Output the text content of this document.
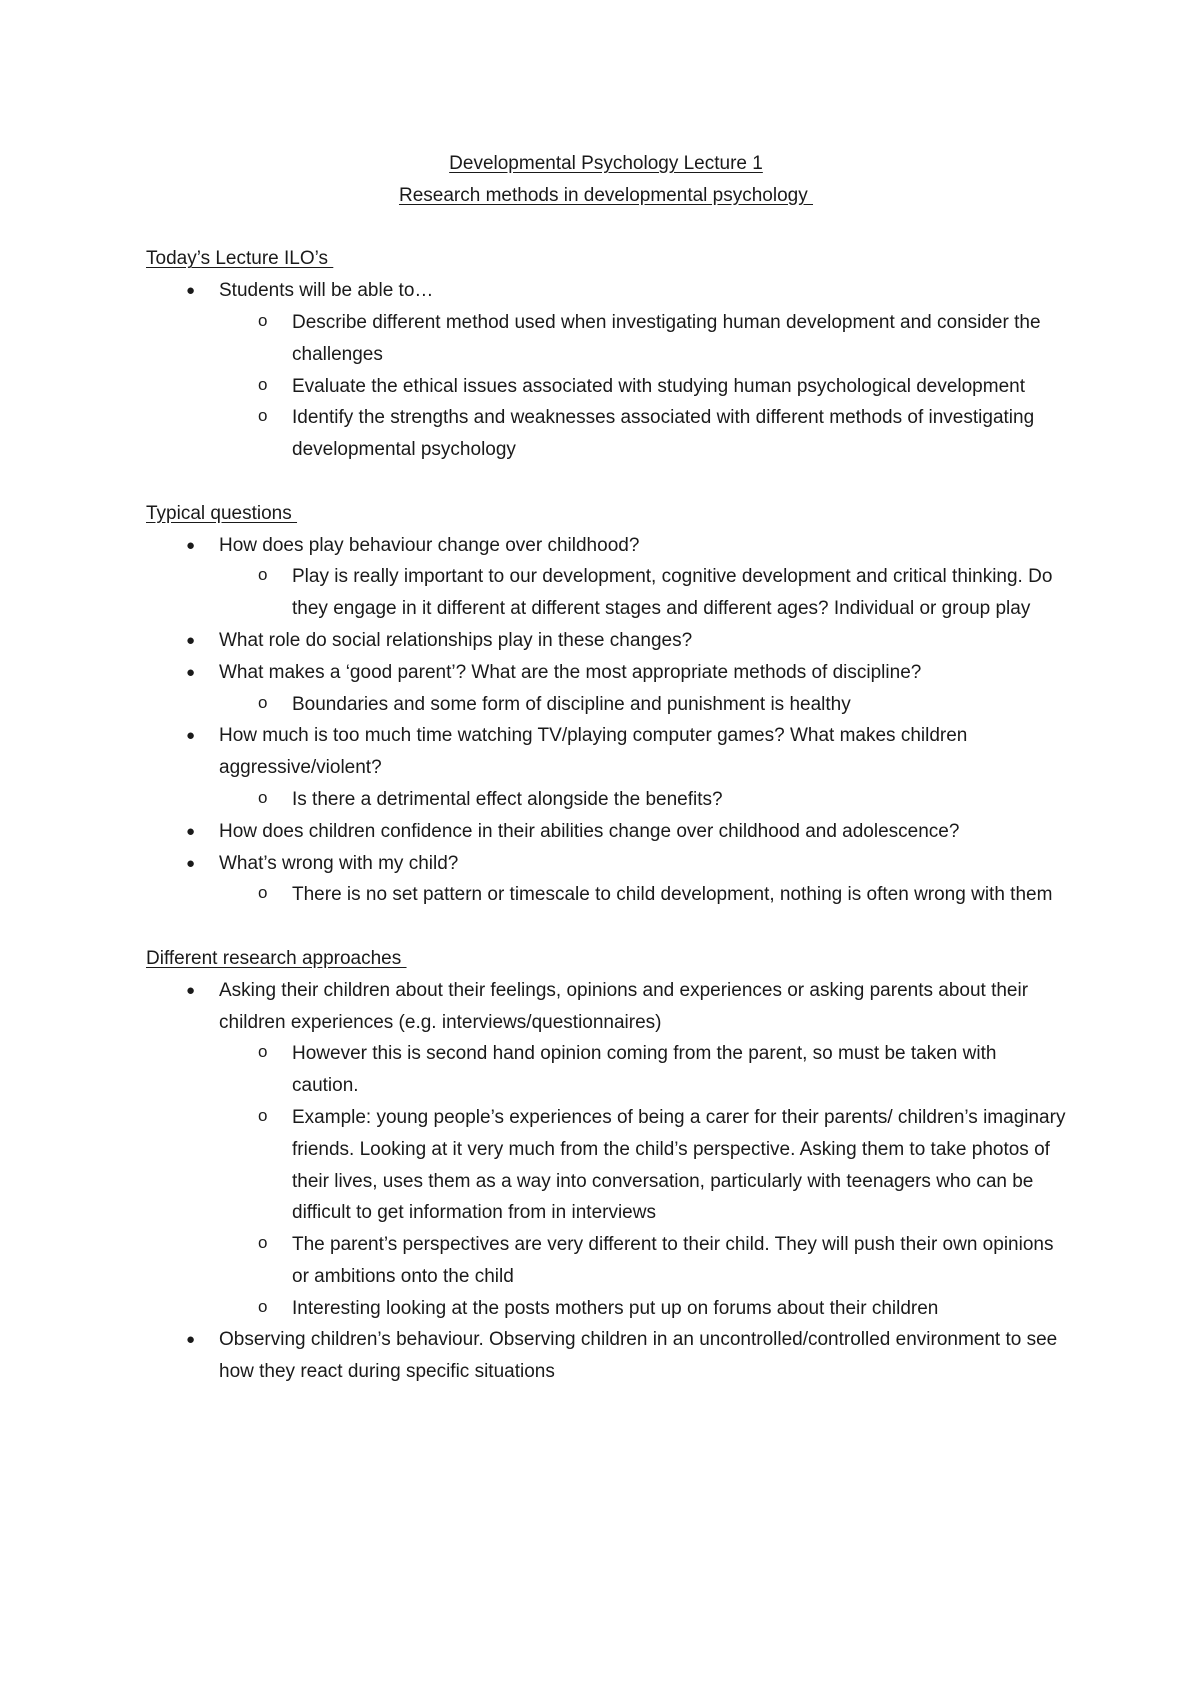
Developmental Psychology Lecture 1
Research methods in developmental psychology
Today’s Lecture ILO’s
● Students will be able to…
o Describe different method used when investigating human development and consider the challenges
o Evaluate the ethical issues associated with studying human psychological development
o Identify the strengths and weaknesses associated with different methods of investigating developmental psychology
Typical questions
● How does play behaviour change over childhood?
o Play is really important to our development, cognitive development and critical thinking. Do they engage in it different at different stages and different ages? Individual or group play
● What role do social relationships play in these changes?
● What makes a ‘good parent’? What are the most appropriate methods of discipline?
o Boundaries and some form of discipline and punishment is healthy
● How much is too much time watching TV/playing computer games? What makes children aggressive/violent?
o Is there a detrimental effect alongside the benefits?
● How does children confidence in their abilities change over childhood and adolescence?
● What’s wrong with my child?
o There is no set pattern or timescale to child development, nothing is often wrong with them
Different research approaches
● Asking their children about their feelings, opinions and experiences or asking parents about their children experiences (e.g. interviews/questionnaires)
o However this is second hand opinion coming from the parent, so must be taken with caution.
o Example: young people’s experiences of being a carer for their parents/ children’s imaginary friends. Looking at it very much from the child’s perspective. Asking them to take photos of their lives, uses them as a way into conversation, particularly with teenagers who can be difficult to get information from in interviews
o The parent’s perspectives are very different to their child. They will push their own opinions or ambitions onto the child
o Interesting looking at the posts mothers put up on forums about their children
● Observing children’s behaviour. Observing children in an uncontrolled/controlled environment to see how they react during specific situations
